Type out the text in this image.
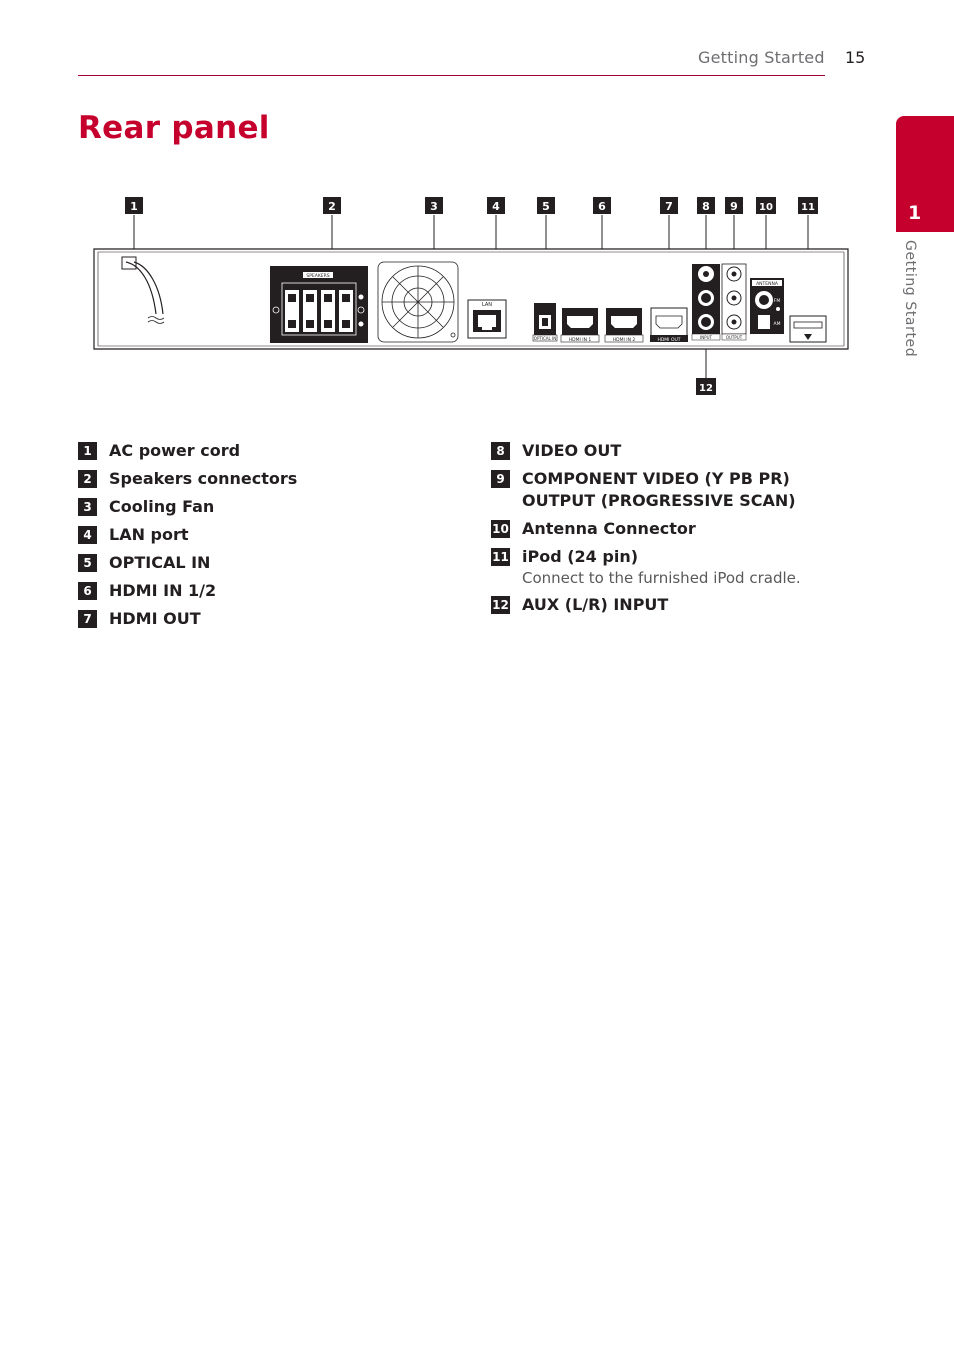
Getting Started 15
Rear panel
1
Getting Started
SPEAKERS
LAN
OPTICAL IN	HDMI IN 1	HDMI IN 2	HDMI OUT
INPUT	OUTPUT
ANTENNA
FM
AM
1	2	3	4	5	6	7	8 9 10	11
12
1	AC power cord
2	Speakers connectors
3	Cooling Fan
4	LAN port
5	OPTICAL IN
6	HDMI IN 1/2
7	HDMI OUT
8	VIDEO OUT
9	COMPONENT VIDEO (Y PB PR)
OUTPUT (PROGRESSIVE SCAN)
10 Antenna Connector
11 iPod (24 pin)
Connect to the furnished iPod cradle.
12 AUX (L/R) INPUT
